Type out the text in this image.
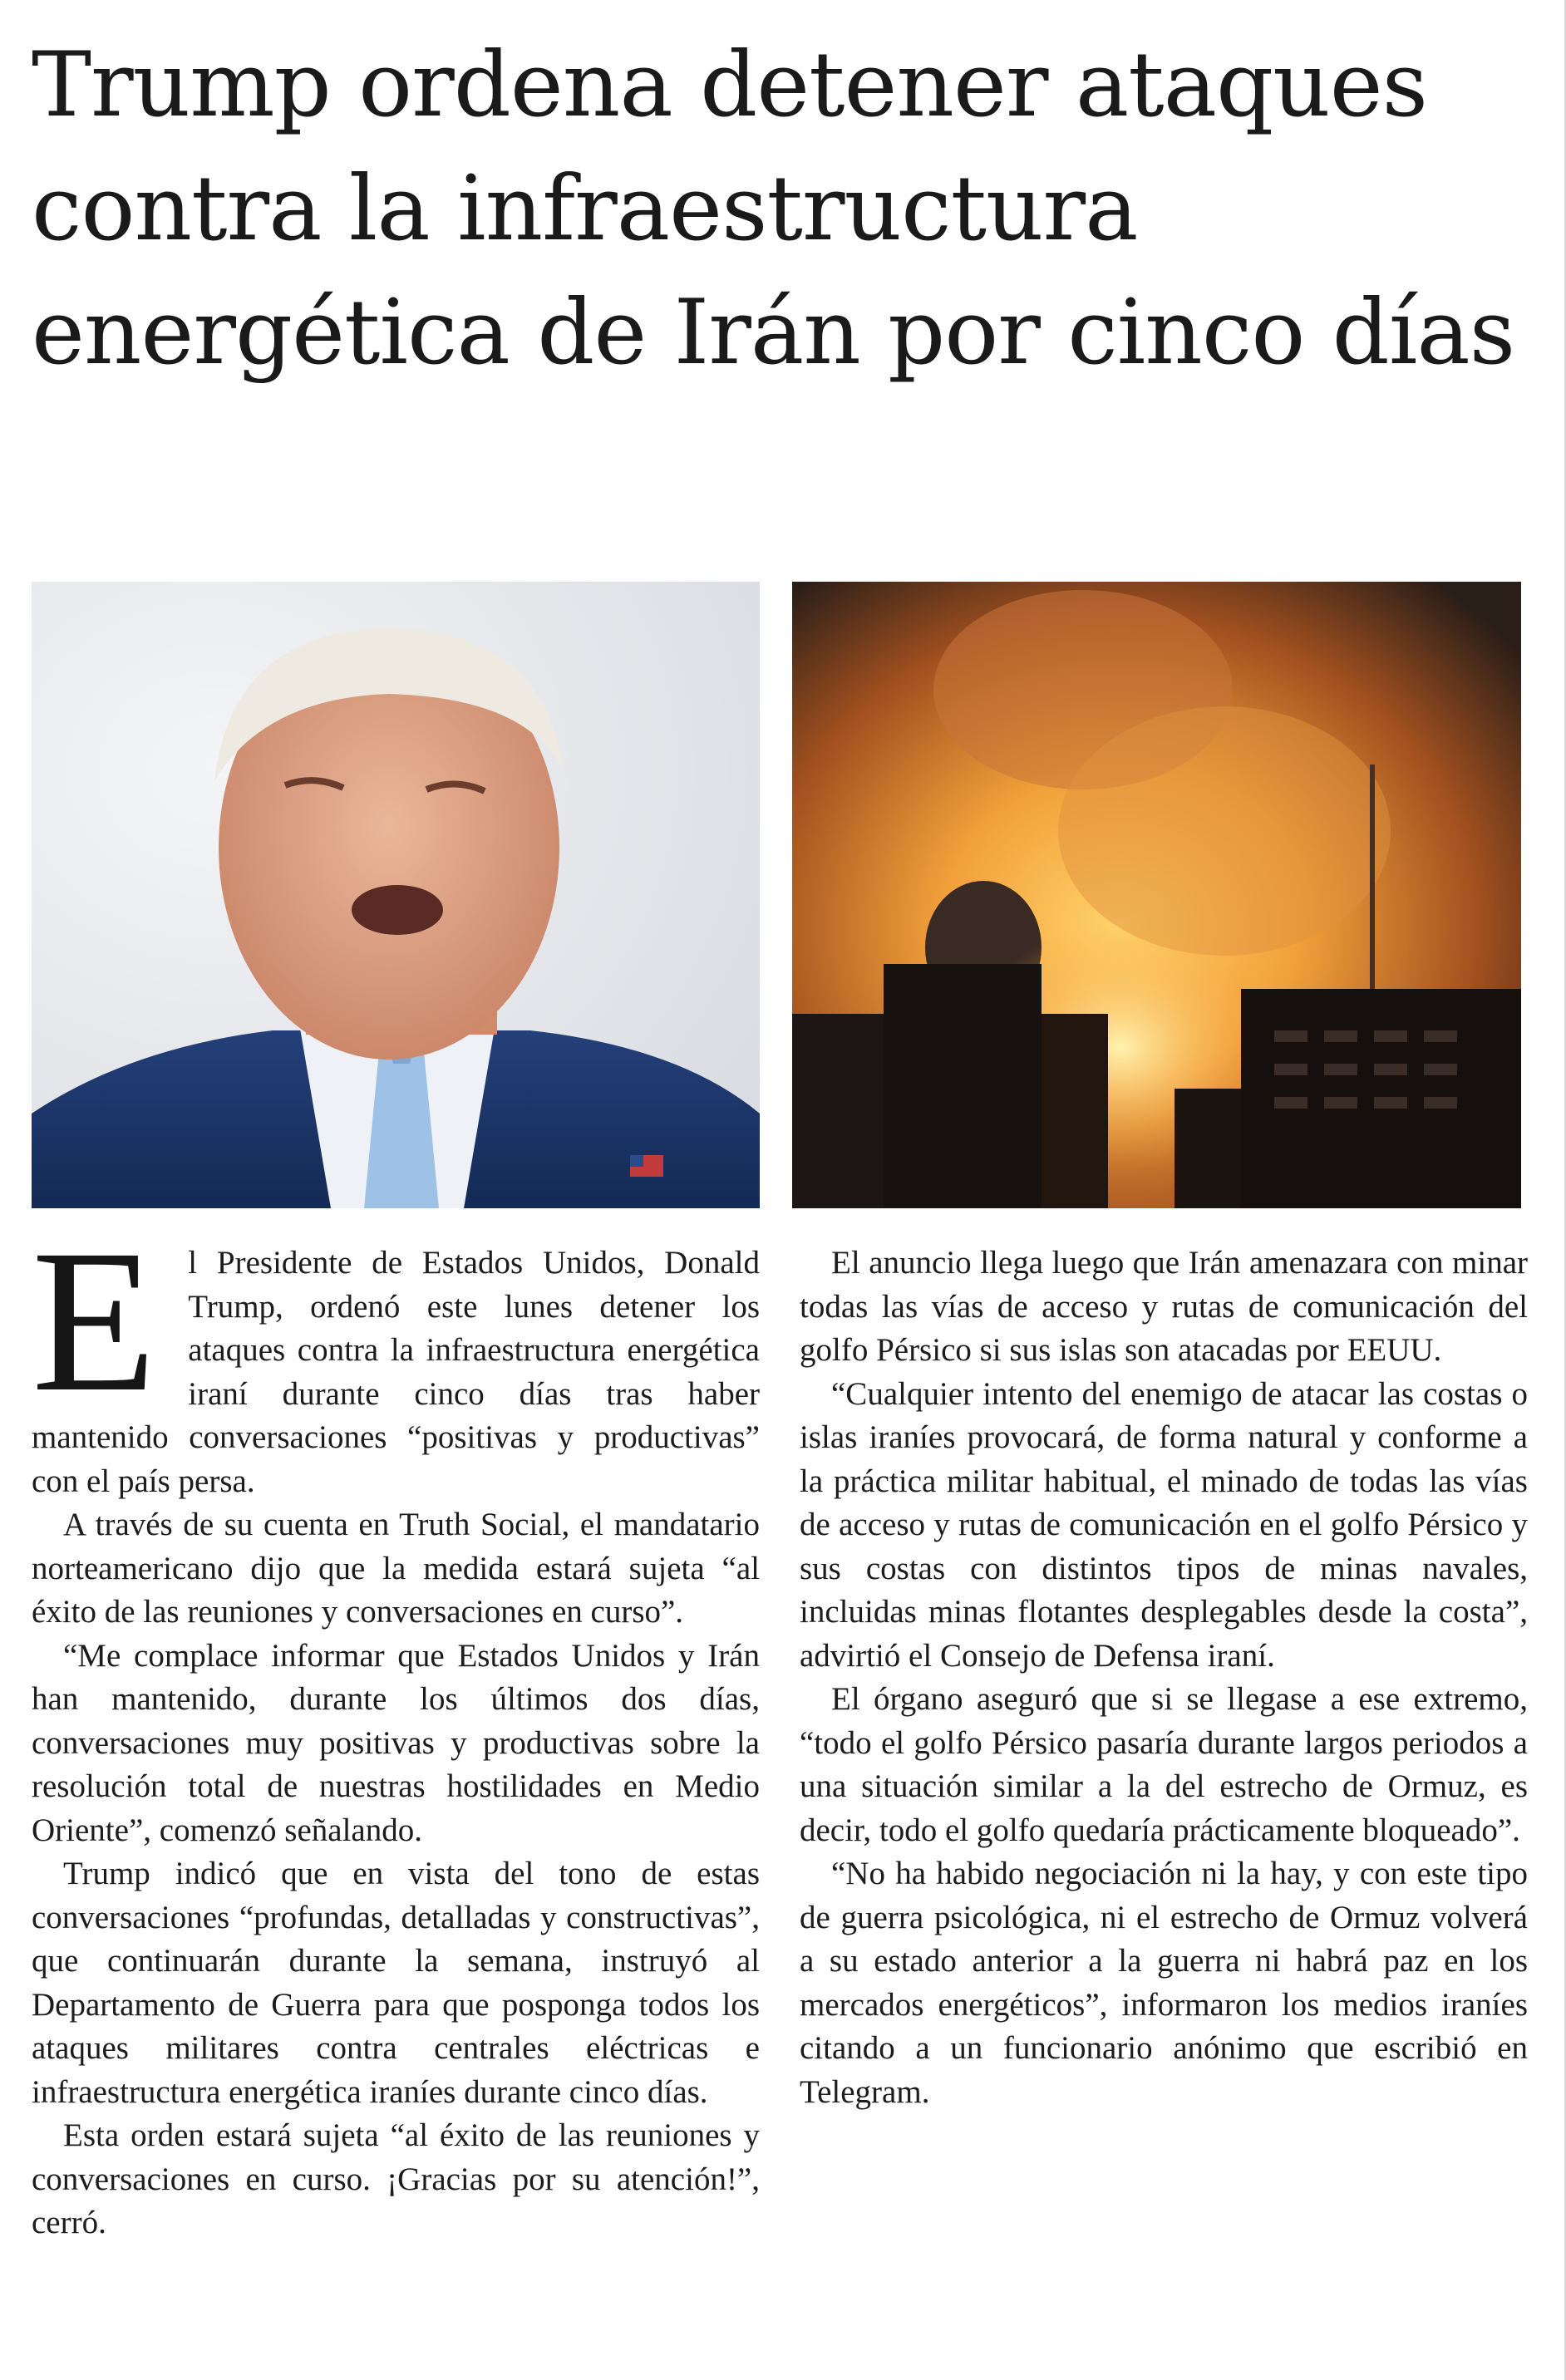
Trump ordena detener ataques contra la infraestructura energética de Irán por cinco días

El Presidente de Estados Unidos, Donald Trump, ordenó este lunes detener los ataques contra la infraestructura energética iraní durante cinco días tras haber mantenido conversaciones “positivas y productivas” con el país persa.

A través de su cuenta en Truth Social, el mandatario norteamericano dijo que la medida estará sujeta “al éxito de las reuniones y conversaciones en curso”.

“Me complace informar que Estados Unidos y Irán han mantenido, durante los últimos dos días, conversaciones muy positivas y productivas sobre la resolución total de nuestras hostilidades en Medio Oriente”, comenzó señalando.

Trump indicó que en vista del tono de estas conversaciones “profundas, detalladas y constructivas”, que continuarán durante la semana, instruyó al Departamento de Guerra para que posponga todos los ataques militares contra centrales eléctricas e infraestructura energética iraníes durante cinco días.

Esta orden estará sujeta “al éxito de las reuniones y conversaciones en curso. ¡Gracias por su atención!”, cerró.

El anuncio llega luego que Irán amenazara con minar todas las vías de acceso y rutas de comunicación del golfo Pérsico si sus islas son atacadas por EEUU.

“Cualquier intento del enemigo de atacar las costas o islas iraníes provocará, de forma natural y conforme a la práctica militar habitual, el minado de todas las vías de acceso y rutas de comunicación en el golfo Pérsico y sus costas con distintos tipos de minas navales, incluidas minas flotantes desplegables desde la costa”, advirtió el Consejo de Defensa iraní.

El órgano aseguró que si se llegase a ese extremo, “todo el golfo Pérsico pasaría durante largos periodos a una situación similar a la del estrecho de Ormuz, es decir, todo el golfo quedaría prácticamente bloqueado”.

“No ha habido negociación ni la hay, y con este tipo de guerra psicológica, ni el estrecho de Ormuz volverá a su estado anterior a la guerra ni habrá paz en los mercados energéticos”, informaron los medios iraníes citando a un funcionario anónimo que escribió en Telegram.
